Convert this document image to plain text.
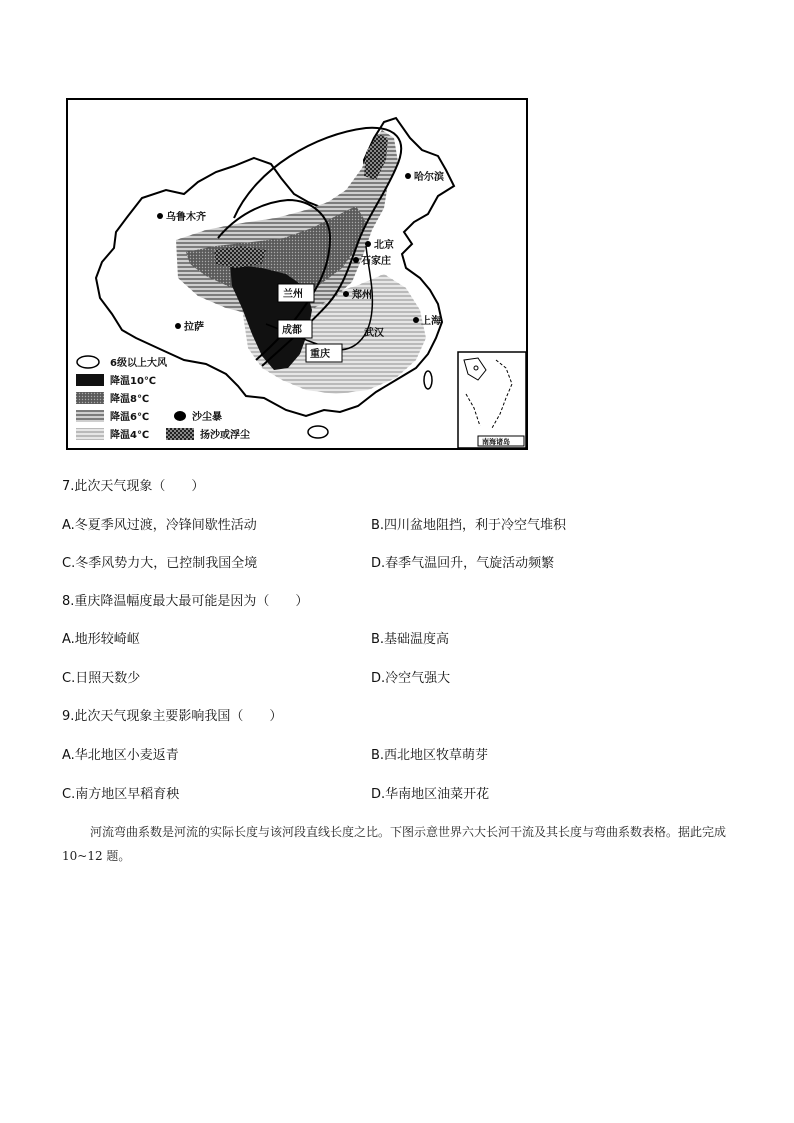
哈尔滨
乌鲁木齐
北京
石家庄
兰州	郑州
成都	武汉
上海
拉萨
重庆
6级以上大风
降温10℃
降温8℃
降温6℃
降温4℃
沙尘暴
扬沙或浮尘
南海诸岛
7.此次天气现象（　　）
A.冬夏季风过渡，冷锋间歇性活动	B.四川盆地阻挡，利于冷空气堆积
C.冬季风势力大，已控制我国全境	D.春季气温回升，气旋活动频繁
8.重庆降温幅度最大最可能是因为（　　）
A.地形较崎岖	B.基础温度高
C.日照天数少	D.冷空气强大
9.此次天气现象主要影响我国（　　）
A.华北地区小麦返青	B.西北地区牧草萌芽
C.南方地区早稻育秧	D.华南地区油菜开花
河流弯曲系数是河流的实际长度与该河段直线长度之比。下图示意世界六大长河干流及其长度与弯曲系数表格。据此完成 10~12 题。
